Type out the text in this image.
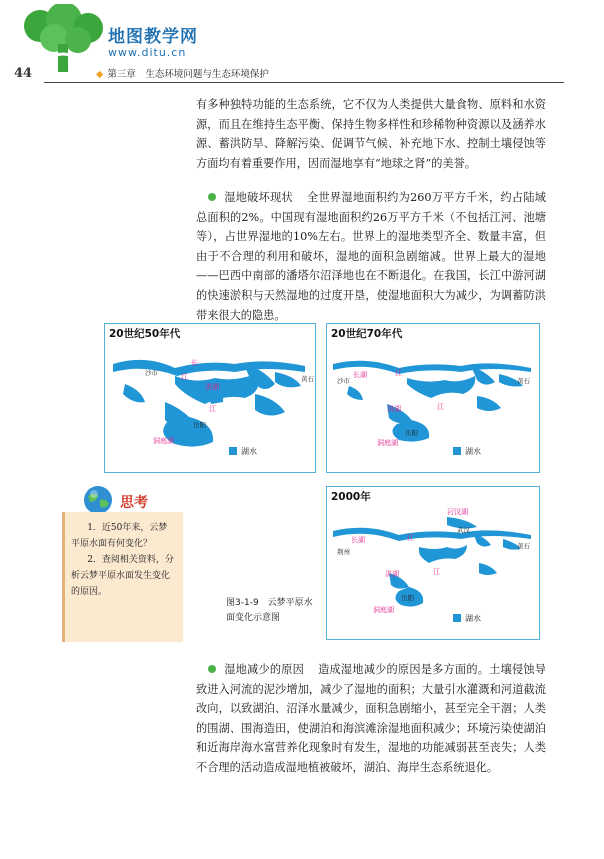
地图教学网
www.ditu.cn
44	◆ 第三章　生态环境问题与生态环境保护

有多种独特功能的生态系统，它不仅为人类提供大量食物、原料和水资源，而且在维持生态平衡、保持生物多样性和珍稀物种资源以及涵养水源、蓄洪防旱、降解污染、促调节气候、补充地下水、控制土壤侵蚀等方面均有着重要作用，因而湿地享有“地球之肾”的美誉。

湿地破坏现状 全世界湿地面积约为260万平方千米，约占陆域总面积的2%。中国现有湿地面积约26万平方千米（不包括江河、池塘等），占世界湿地的10%左右。世界上的湿地类型齐全、数量丰富，但由于不合理的利用和破坏，湿地的面积急剧缩减。世界上最大的湿地——巴西中南部的潘塔尔沼泽地也在不断退化。在我国，长江中游河湖的快速淤积与天然湿地的过度开垦，使湿地面积大为减少，为调蓄防洪带来很大的隐患。

20世纪50年代
长
江
江
洪湖
洞庭湖
沙市
黄石
岳阳
湖水
20世纪70年代
长湖	江
江
洪湖
洞庭湖
沙市	黄石
岳阳
湖水
2000年
长湖	江
江
洪湖
洞庭湖
汈汊湖
荆州
武汉
黄石
岳阳
湖水
图3-1-9　云梦平原水面变化示意图
思考

1．近50年来，云梦平原水面有何变化？

2．查阅相关资料，分析云梦平原水面发生变化的原因。

湿地减少的原因 造成湿地减少的原因是多方面的。土壤侵蚀导致进入河流的泥沙增加，减少了湿地的面积；大量引水灌溉和河道截流改向，以致湖泊、沼泽水量减少，面积急剧缩小，甚至完全干涸；人类的围湖、围海造田，使湖泊和海滨滩涂湿地面积减少；环境污染使湖泊和近海岸海水富营养化现象时有发生，湿地的功能减弱甚至丧失；人类不合理的活动造成湿地植被破坏，湖泊、海岸生态系统退化。
